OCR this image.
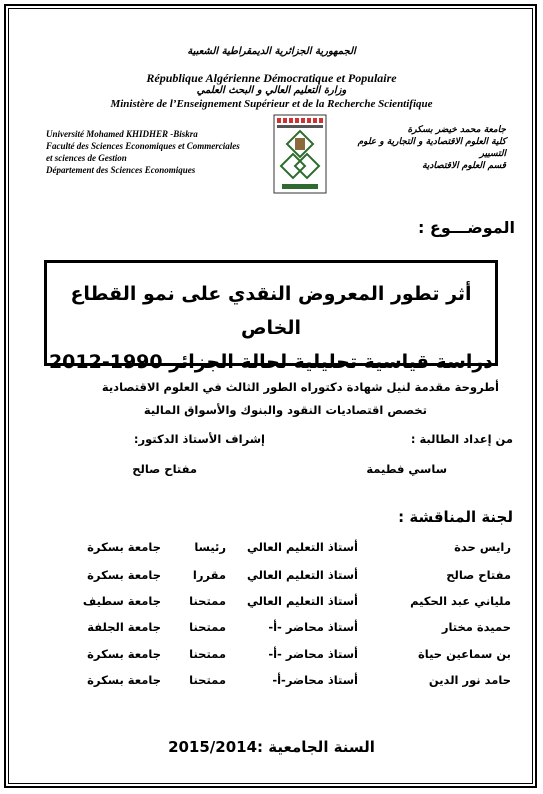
الجمهورية الجزائرية الديمقراطية الشعبية
République Algérienne Démocratique et Populaire
وزارة التعليم العالي و البحث العلمي
Ministère de l’Enseignement Supérieur et de la Recherche Scientifique
Université Mohamed KHIDHER -Biskra
Faculté des Sciences Economiques et Commerciales
et sciences de Gestion
Département des Sciences Economiques
جامعة محمد خيضر بسكرة
كلية العلوم الاقتصادية و التجارية و علوم
التسيير
قسم العلوم الاقتصادية
الموضـــوع :
أثر تطور المعروض النقدي على نمو القطاع الخاص
دراسة قياسية تحليلية لحالة الجزائر 1990-2012
أطروحة مقدمة لنيل شهادة دكتوراه الطور الثالث في العلوم الاقتصادية
تخصص اقتصاديات النقود والبنوك والأسواق المالية
من إعداد الطالبة :
إشراف الأستاذ الدكتور:
ساسي فطيمة
مفتاح صالح
لجنة المناقشة :
رايس حدة
أستاذ التعليم العالي
رئيسا
جامعة بسكرة
مفتاح صالح
أستاذ التعليم العالي
مقررا
جامعة بسكرة
ملياني عبد الحكيم
أستاذ التعليم العالي
ممتحنا
جامعة سطيف
حميدة مختار
أستاذ محاضر -أ-
ممتحنا
جامعة الجلفة
بن سماعين حياة
أستاذ محاضر -أ-
ممتحنا
جامعة بسكرة
حامد نور الدين
أستاذ محاضر-أ-
ممتحنا
جامعة بسكرة
السنة الجامعية :2015/2014
